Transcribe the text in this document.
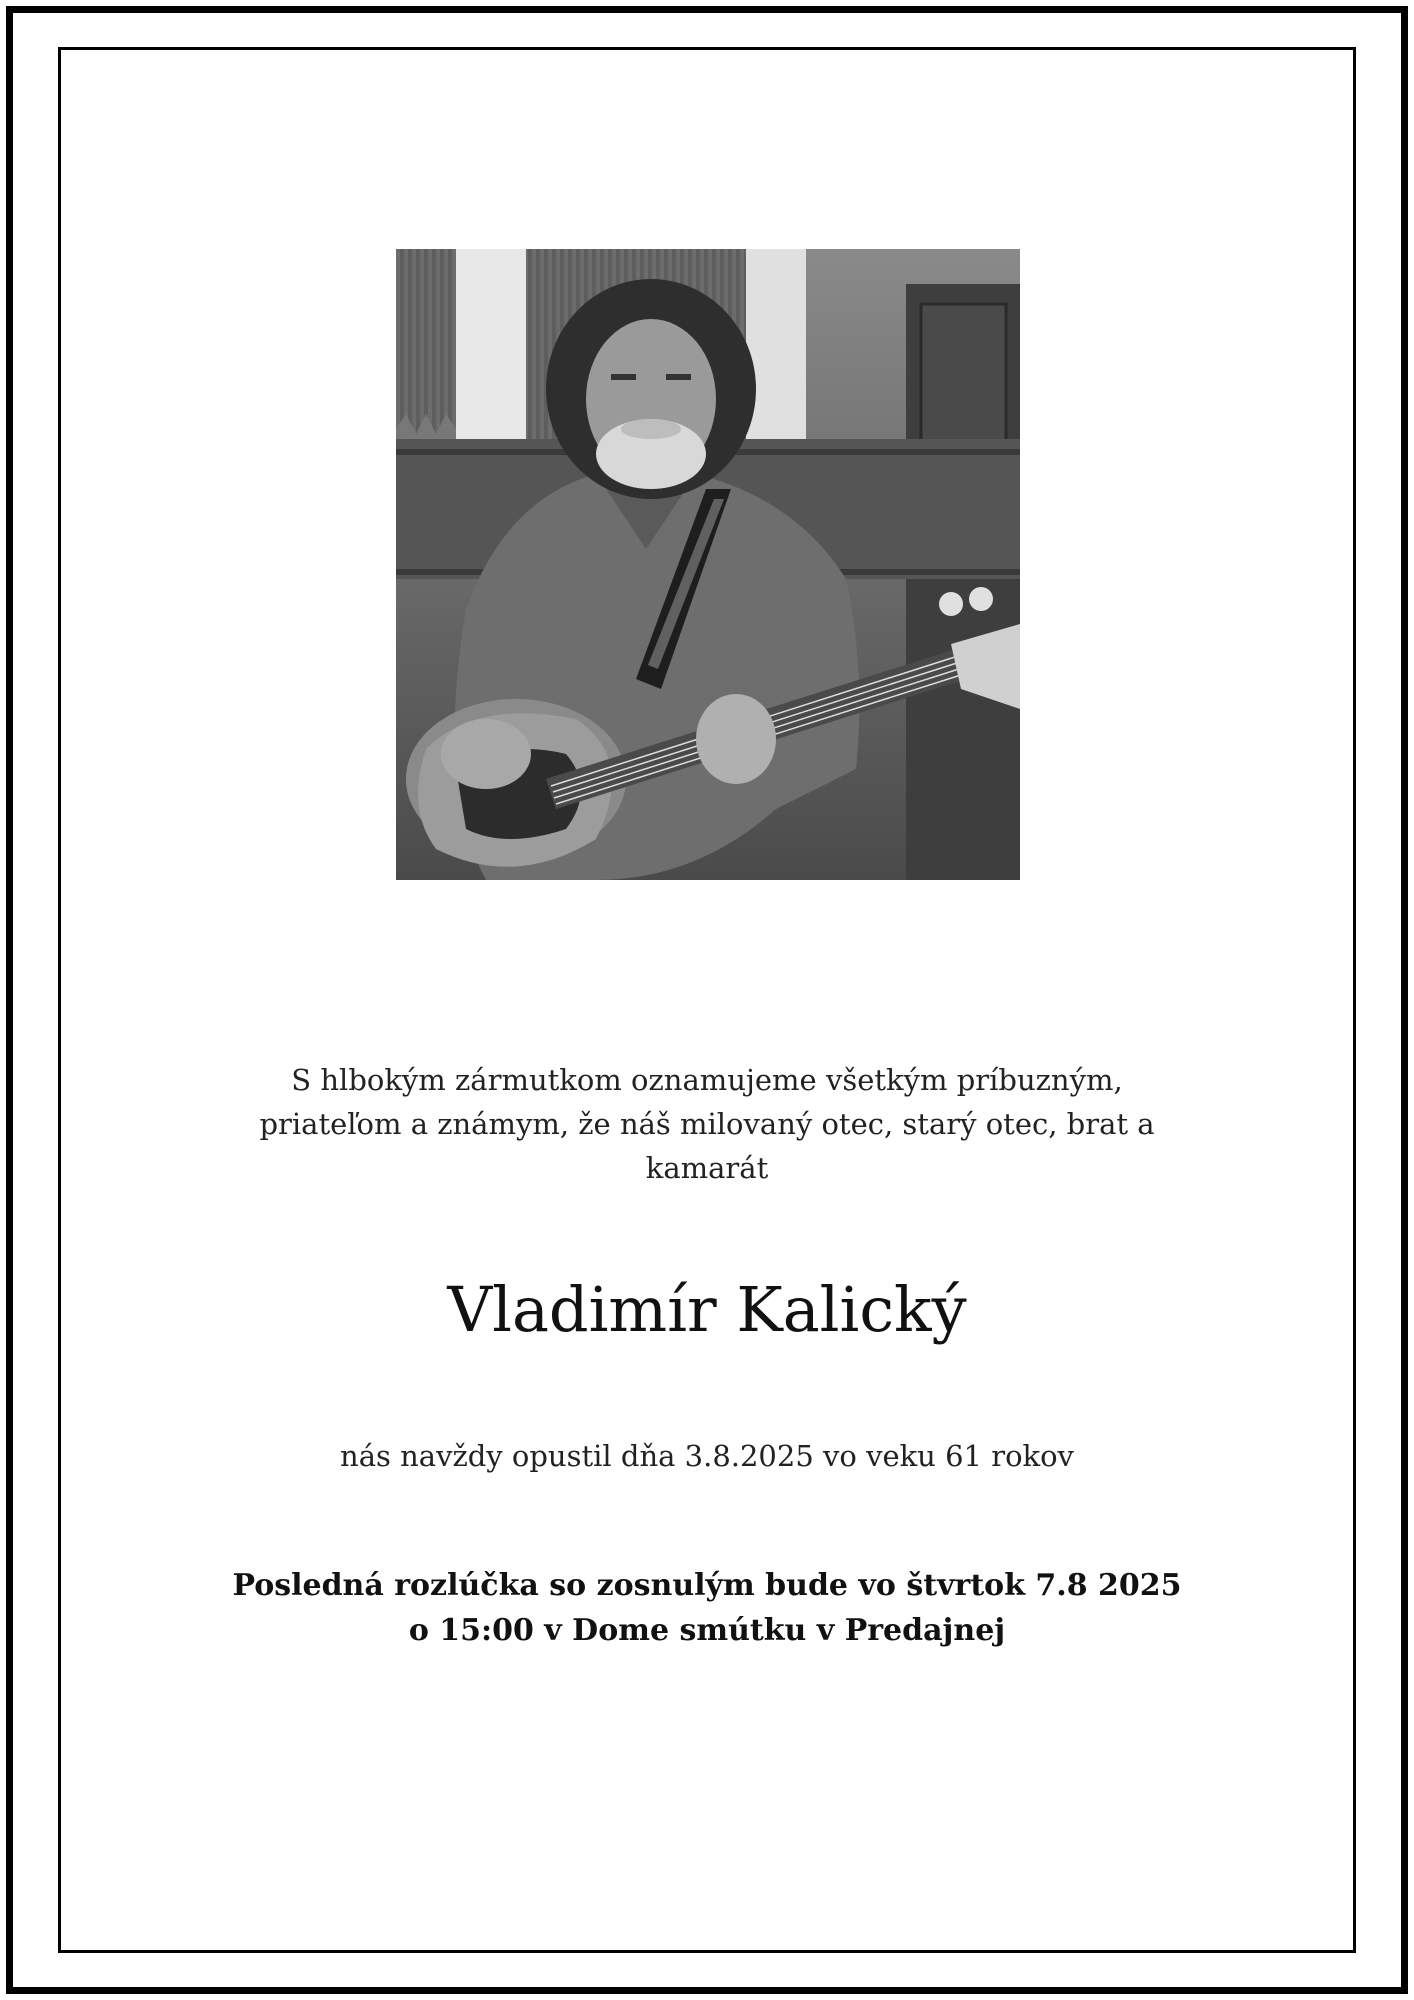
S hlbokým zármutkom oznamujeme všetkým príbuzným, priateľom a známym, že náš milovaný otec, starý otec, brat a kamarát

Vladimír Kalický

nás navždy opustil dňa 3.8.2025 vo veku 61 rokov

Posledná rozlúčka so zosnulým bude vo štvrtok 7.8 2025
o 15:00 v Dome smútku v Predajnej
